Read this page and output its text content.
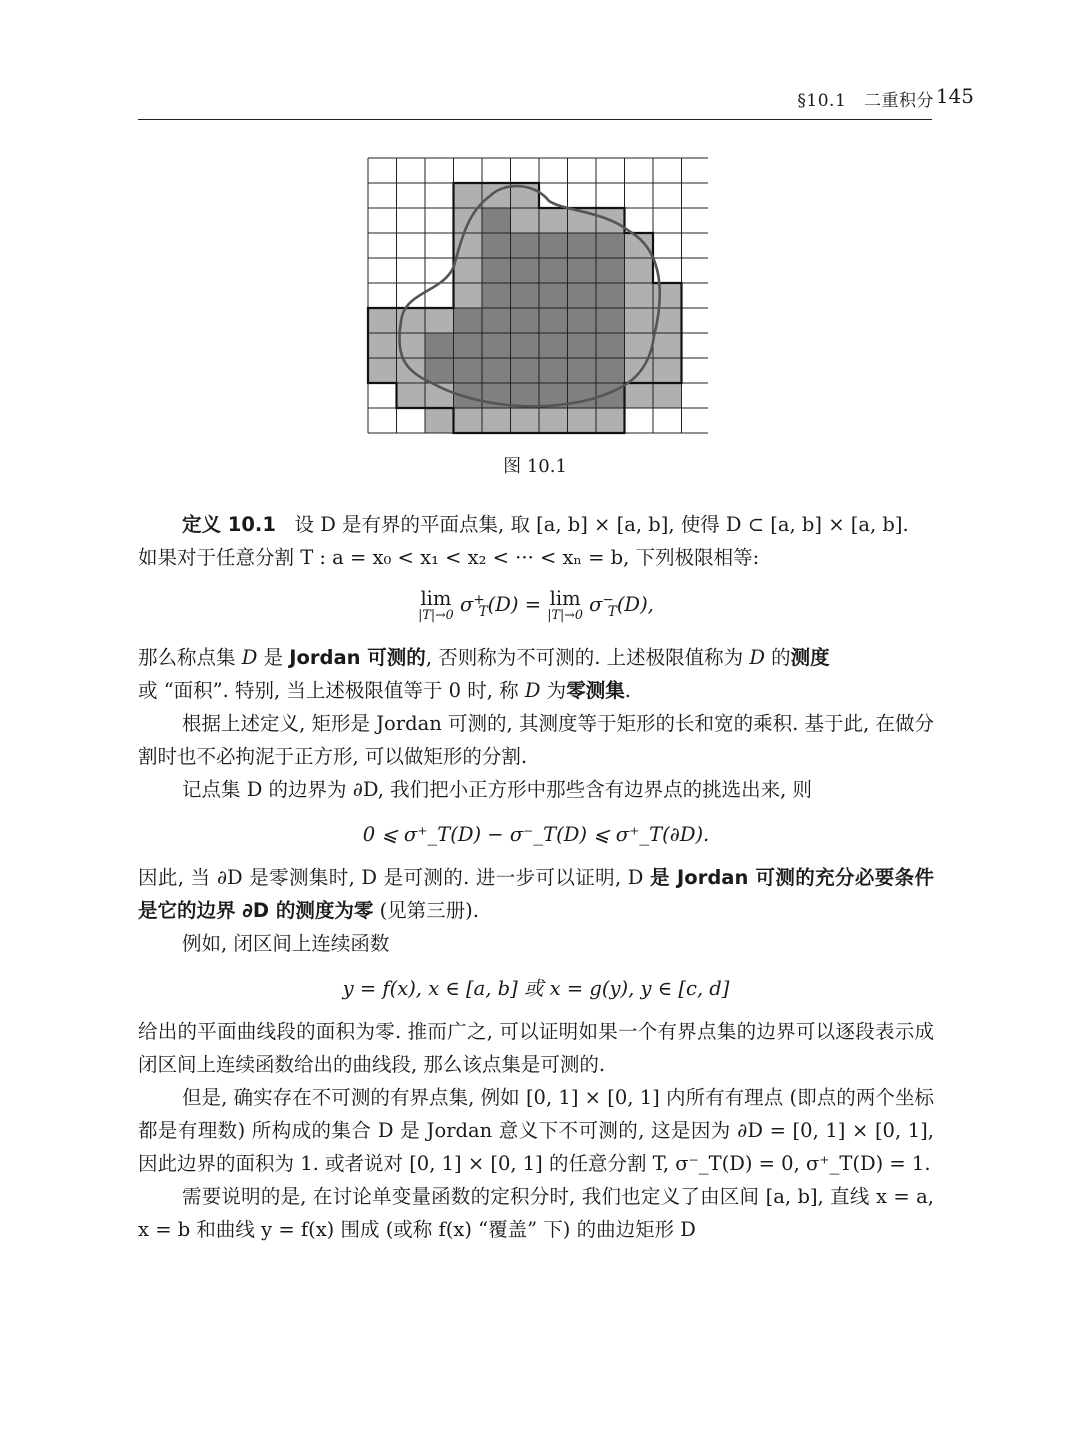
§10.1 二重积分 145
图 10.1

定义 10.1 设 D 是有界的平面点集, 取 [a, b] × [a, b], 使得 D ⊂ [a, b] × [a, b].
如果对于任意分割 T : a = x₀ < x₁ < x₂ < ··· < xₙ = b, 下列极限相等:

lim
|T|→0 $\sigma^+_T(D) = \lim$
|T|→0 $\sigma^-_T(D)$,

那么称点集 D 是 Jordan 可测的, 否则称为不可测的. 上述极限值称为 D 的测度
或 “面积”. 特别, 当上述极限值等于 0 时, 称 D 为零测集.

根据上述定义, 矩形是 Jordan 可测的, 其测度等于矩形的长和宽的乘积. 基于此, 在做分割时也不必拘泥于正方形, 可以做矩形的分割.

记点集 D 的边界为 ∂D, 我们把小正方形中那些含有边界点的挑选出来, 则

0 ⩽ σ⁺_T(D) − σ⁻_T(D) ⩽ σ⁺_T(∂D).

因此, 当 ∂D 是零测集时, D 是可测的. 进一步可以证明, D 是 Jordan 可测的充分必要条件是它的边界 ∂D 的测度为零 (见第三册).

例如, 闭区间上连续函数

y = f(x), x ∈ [a, b] 或 x = g(y), y ∈ [c, d]

给出的平面曲线段的面积为零. 推而广之, 可以证明如果一个有界点集的边界可以逐段表示成闭区间上连续函数给出的曲线段, 那么该点集是可测的.

但是, 确实存在不可测的有界点集, 例如 [0, 1] × [0, 1] 内所有有理点 (即点的两个坐标都是有理数) 所构成的集合 D 是 Jordan 意义下不可测的, 这是因为 ∂D = [0, 1] × [0, 1], 因此边界的面积为 1. 或者说对 [0, 1] × [0, 1] 的任意分割 T, σ⁻_T(D) = 0, σ⁺_T(D) = 1.

需要说明的是, 在讨论单变量函数的定积分时, 我们也定义了由区间 [a, b], 直线 x = a, x = b 和曲线 y = f(x) 围成 (或称 f(x) “覆盖” 下) 的曲边矩形 D
